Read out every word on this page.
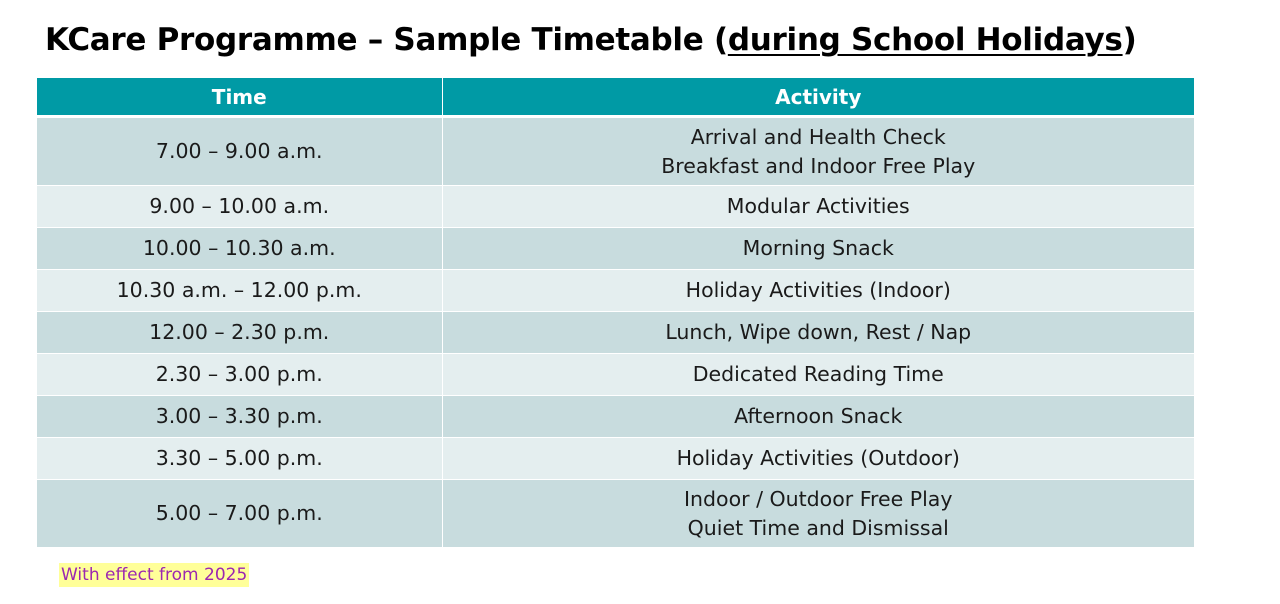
KCare Programme – Sample Timetable (during School Holidays)
Time	Activity
7.00 – 9.00 a.m.	Arrival and Health Check
Breakfast and Indoor Free Play

9.00 – 10.00 a.m.	Modular Activities

10.00 – 10.30 a.m.	Morning Snack

10.30 a.m. – 12.00 p.m.	Holiday Activities (Indoor)

12.00 – 2.30 p.m.	Lunch, Wipe down, Rest / Nap

2.30 – 3.00 p.m.	Dedicated Reading Time

3.00 – 3.30 p.m.	Afternoon Snack

3.30 – 5.00 p.m.	Holiday Activities (Outdoor)

5.00 – 7.00 p.m.	Indoor / Outdoor Free Play
Quiet Time and Dismissal
With effect from 2025
